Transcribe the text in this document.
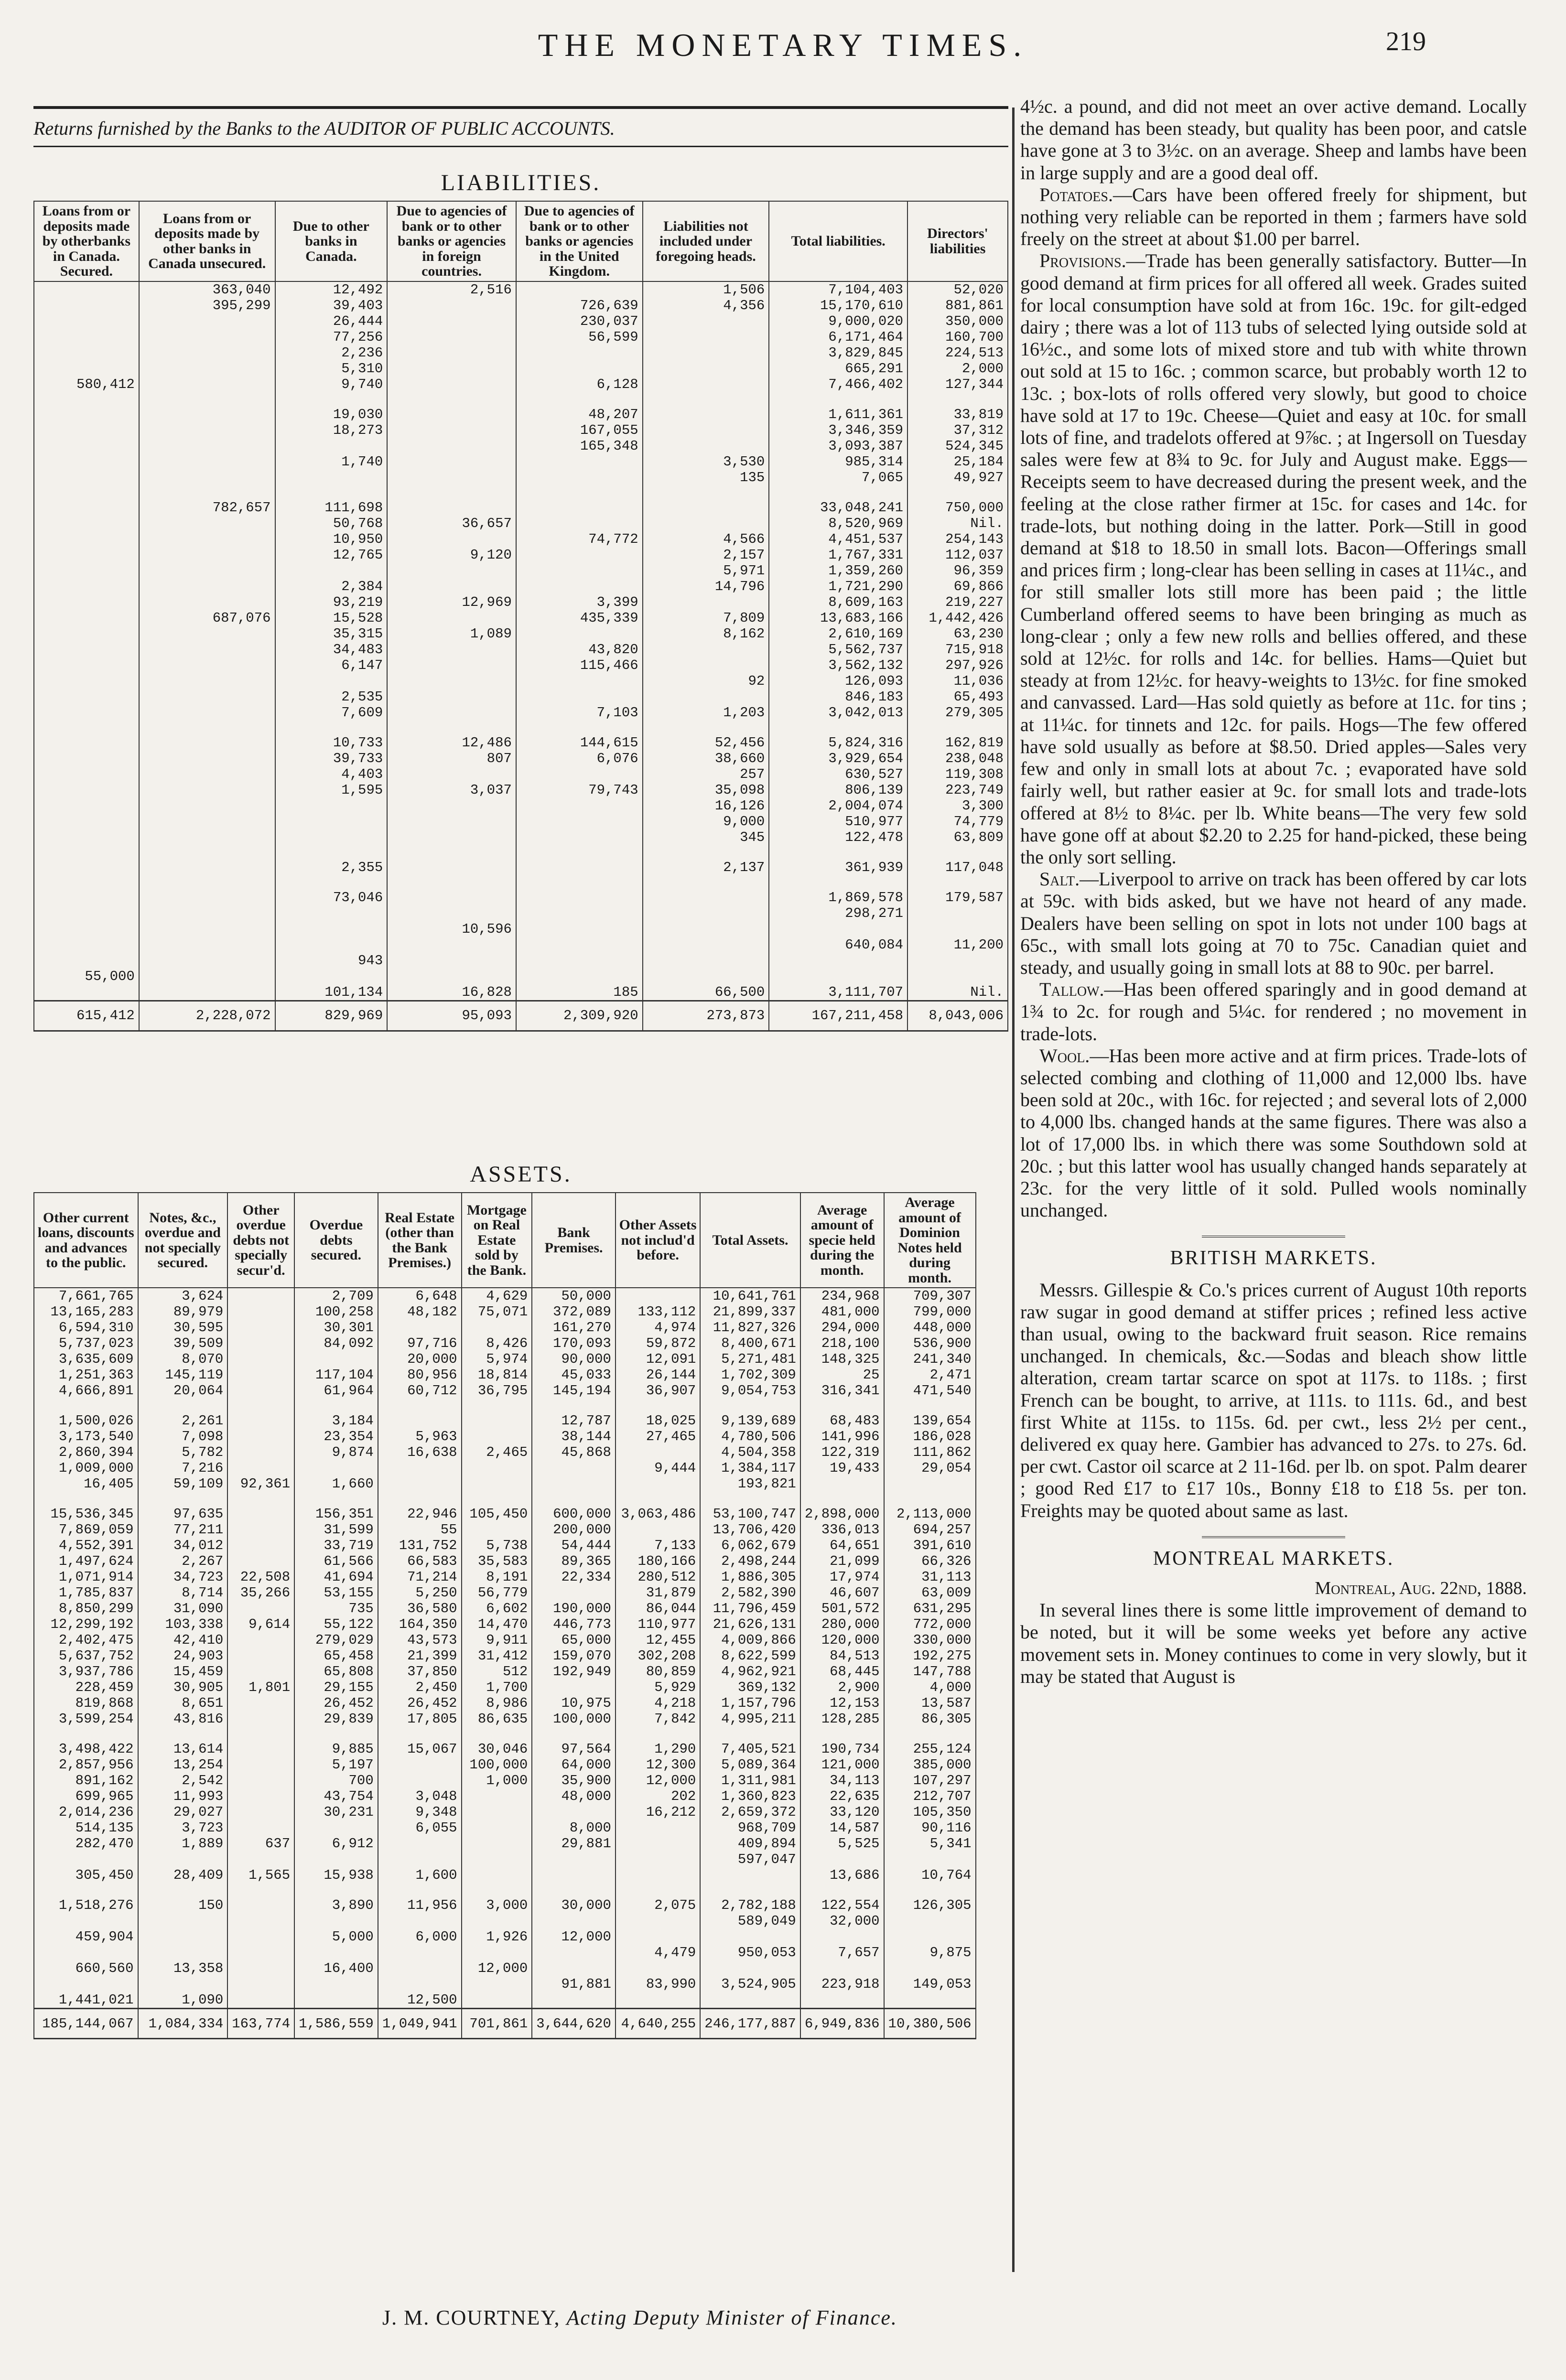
THE MONETARY TIMES.	219
Returns furnished by the Banks to the AUDITOR OF PUBLIC ACCOUNTS.
LIABILITIES.
Loans from or deposits made by otherbanks in Canada. Secured.	Loans from or deposits made by other banks in Canada unsecured.	Due to other banks in Canada.	Due to agencies of bank or to other banks or agencies in foreign countries.	Due to agencies of bank or to other banks or agencies in the United Kingdom.	Liabilities not included under foregoing heads.	Total liabilities.	Directors' liabilities
	363,040	12,492	2,516		1,506	7,104,403	52,020
	395,299	39,403		726,639	4,356	15,170,610	881,861
		26,444		230,037		9,000,020	350,000
		77,256		56,599		6,171,464	160,700
		2,236				3,829,845	224,513
		5,310				665,291	2,000
580,412		9,740		6,128		7,466,402	127,344

		19,030		48,207		1,611,361	33,819
		18,273		167,055		3,346,359	37,312
				165,348		3,093,387	524,345
		1,740			3,530	985,314	25,184
					135	7,065	49,927

	782,657	111,698				33,048,241	750,000
		50,768	36,657			8,520,969	Nil.
		10,950		74,772	4,566	4,451,537	254,143
		12,765	9,120		2,157	1,767,331	112,037
					5,971	1,359,260	96,359
		2,384			14,796	1,721,290	69,866
		93,219	12,969	3,399		8,609,163	219,227
	687,076	15,528		435,339	7,809	13,683,166	1,442,426
		35,315	1,089		8,162	2,610,169	63,230
		34,483		43,820		5,562,737	715,918
		6,147		115,466		3,562,132	297,926
					92	126,093	11,036
		2,535				846,183	65,493
		7,609		7,103	1,203	3,042,013	279,305

		10,733	12,486	144,615	52,456	5,824,316	162,819
		39,733	807	6,076	38,660	3,929,654	238,048
		4,403			257	630,527	119,308
		1,595	3,037	79,743	35,098	806,139	223,749
					16,126	2,004,074	3,300
					9,000	510,977	74,779
					345	122,478	63,809

		2,355			2,137	361,939	117,048

		73,046				1,869,578	179,587
						298,271	
			10,596				
						640,084	11,200
		943					
55,000							
		101,134	16,828	185	66,500	3,111,707	Nil.
615,412	2,228,072	829,969	95,093	2,309,920	273,873	167,211,458	8,043,006
ASSETS.
Other current loans, discounts and advances to the public.	Notes, &c., overdue and not specially secured.	Other overdue debts not specially secur'd.	Overdue debts secured.	Real Estate (other than the Bank Premises.)	Mortgage on Real Estate sold by the Bank.	Bank Premises.	Other Assets not includ'd before.	Total Assets.	Average amount of specie held during the month.	Average amount of Dominion Notes held during month.
7,661,765	3,624		2,709	6,648	4,629	50,000		10,641,761	234,968	709,307
13,165,283	89,979		100,258	48,182	75,071	372,089	133,112	21,899,337	481,000	799,000
6,594,310	30,595		30,301			161,270	4,974	11,827,326	294,000	448,000
5,737,023	39,509		84,092	97,716	8,426	170,093	59,872	8,400,671	218,100	536,900
3,635,609	8,070			20,000	5,974	90,000	12,091	5,271,481	148,325	241,340
1,251,363	145,119		117,104	80,956	18,814	45,033	26,144	1,702,309	25	2,471
4,666,891	20,064		61,964	60,712	36,795	145,194	36,907	9,054,753	316,341	471,540

1,500,026	2,261		3,184			12,787	18,025	9,139,689	68,483	139,654
3,173,540	7,098		23,354	5,963		38,144	27,465	4,780,506	141,996	186,028
2,860,394	5,782		9,874	16,638	2,465	45,868		4,504,358	122,319	111,862
1,009,000	7,216						9,444	1,384,117	19,433	29,054
16,405	59,109	92,361	1,660					193,821		

15,536,345	97,635		156,351	22,946	105,450	600,000	3,063,486	53,100,747	2,898,000	2,113,000
7,869,059	77,211		31,599	55		200,000		13,706,420	336,013	694,257
4,552,391	34,012		33,719	131,752	5,738	54,444	7,133	6,062,679	64,651	391,610
1,497,624	2,267		61,566	66,583	35,583	89,365	180,166	2,498,244	21,099	66,326
1,071,914	34,723	22,508	41,694	71,214	8,191	22,334	280,512	1,886,305	17,974	31,113
1,785,837	8,714	35,266	53,155	5,250	56,779		31,879	2,582,390	46,607	63,009
8,850,299	31,090		735	36,580	6,602	190,000	86,044	11,796,459	501,572	631,295
12,299,192	103,338	9,614	55,122	164,350	14,470	446,773	110,977	21,626,131	280,000	772,000
2,402,475	42,410		279,029	43,573	9,911	65,000	12,455	4,009,866	120,000	330,000
5,637,752	24,903		65,458	21,399	31,412	159,070	302,208	8,622,599	84,513	192,275
3,937,786	15,459		65,808	37,850	512	192,949	80,859	4,962,921	68,445	147,788
228,459	30,905	1,801	29,155	2,450	1,700		5,929	369,132	2,900	4,000
819,868	8,651		26,452	26,452	8,986	10,975	4,218	1,157,796	12,153	13,587
3,599,254	43,816		29,839	17,805	86,635	100,000	7,842	4,995,211	128,285	86,305

3,498,422	13,614		9,885	15,067	30,046	97,564	1,290	7,405,521	190,734	255,124
2,857,956	13,254		5,197		100,000	64,000	12,300	5,089,364	121,000	385,000
891,162	2,542		700		1,000	35,900	12,000	1,311,981	34,113	107,297
699,965	11,993		43,754	3,048		48,000	202	1,360,823	22,635	212,707
2,014,236	29,027		30,231	9,348			16,212	2,659,372	33,120	105,350
514,135	3,723			6,055		8,000		968,709	14,587	90,116
282,470	1,889	637	6,912			29,881		409,894	5,525	5,341
								597,047		
305,450	28,409	1,565	15,938	1,600					13,686	10,764

1,518,276	150		3,890	11,956	3,000	30,000	2,075	2,782,188	122,554	126,305
								589,049	32,000	
459,904			5,000	6,000	1,926	12,000				
							4,479	950,053	7,657	9,875
660,560	13,358		16,400		12,000					
						91,881	83,990	3,524,905	223,918	149,053
1,441,021	1,090			12,500						
185,144,067	1,084,334	163,774	1,586,559	1,049,941	701,861	3,644,620	4,640,255	246,177,887	6,949,836	10,380,506

4½c. a pound, and did not meet an over active demand. Locally the demand has been steady, but quality has been poor, and catsle have gone at 3 to 3½c. on an average. Sheep and lambs have been in large supply and are a good deal off.

Potatoes.—Cars have been offered freely for shipment, but nothing very reliable can be reported in them ; farmers have sold freely on the street at about $1.00 per barrel.

Provisions.—Trade has been generally satisfactory. Butter—In good demand at firm prices for all offered all week. Grades suited for local consumption have sold at from 16c. 19c. for gilt-edged dairy ; there was a lot of 113 tubs of selected lying outside sold at 16½c., and some lots of mixed store and tub with white thrown out sold at 15 to 16c. ; common scarce, but probably worth 12 to 13c. ; box-lots of rolls offered very slowly, but good to choice have sold at 17 to 19c. Cheese—Quiet and easy at 10c. for small lots of fine, and tradelots offered at 9⅞c. ; at Ingersoll on Tuesday sales were few at 8¾ to 9c. for July and August make. Eggs—Receipts seem to have decreased during the present week, and the feeling at the close rather firmer at 15c. for cases and 14c. for trade-lots, but nothing doing in the latter. Pork—Still in good demand at $18 to 18.50 in small lots. Bacon—Offerings small and prices firm ; long-clear has been selling in cases at 11¼c., and for still smaller lots still more has been paid ; the little Cumberland offered seems to have been bringing as much as long-clear ; only a few new rolls and bellies offered, and these sold at 12½c. for rolls and 14c. for bellies. Hams—Quiet but steady at from 12½c. for heavy-weights to 13½c. for fine smoked and canvassed. Lard—Has sold quietly as before at 11c. for tins ; at 11¼c. for tinnets and 12c. for pails. Hogs—The few offered have sold usually as before at $8.50. Dried apples—Sales very few and only in small lots at about 7c. ; evaporated have sold fairly well, but rather easier at 9c. for small lots and trade-lots offered at 8½ to 8¼c. per lb. White beans—The very few sold have gone off at about $2.20 to 2.25 for hand-picked, these being the only sort selling.

Salt.—Liverpool to arrive on track has been offered by car lots at 59c. with bids asked, but we have not heard of any made. Dealers have been selling on spot in lots not under 100 bags at 65c., with small lots going at 70 to 75c. Canadian quiet and steady, and usually going in small lots at 88 to 90c. per barrel.

Tallow.—Has been offered sparingly and in good demand at 1¾ to 2c. for rough and 5¼c. for rendered ; no movement in trade-lots.

Wool.—Has been more active and at firm prices. Trade-lots of selected combing and clothing of 11,000 and 12,000 lbs. have been sold at 20c., with 16c. for rejected ; and several lots of 2,000 to 4,000 lbs. changed hands at the same figures. There was also a lot of 17,000 lbs. in which there was some Southdown sold at 20c. ; but this latter wool has usually changed hands separately at 23c. for the very little of it sold. Pulled wools nominally unchanged.

BRITISH MARKETS.

Messrs. Gillespie & Co.'s prices current of August 10th reports raw sugar in good demand at stiffer prices ; refined less active than usual, owing to the backward fruit season. Rice remains unchanged. In chemicals, &c.—Sodas and bleach show little alteration, cream tartar scarce on spot at 117s. to 118s. ; first French can be bought, to arrive, at 111s. to 111s. 6d., and best first White at 115s. to 115s. 6d. per cwt., less 2½ per cent., delivered ex quay here. Gambier has advanced to 27s. to 27s. 6d. per cwt. Castor oil scarce at 2 11-16d. per lb. on spot. Palm dearer ; good Red £17 to £17 10s., Bonny £18 to £18 5s. per ton. Freights may be quoted about same as last.

MONTREAL MARKETS.

Montreal, Aug. 22nd, 1888.

In several lines there is some little improvement of demand to be noted, but it will be some weeks yet before any active movement sets in. Money continues to come in very slowly, but it may be stated that August is

J. M. COURTNEY, Acting Deputy Minister of Finance.
